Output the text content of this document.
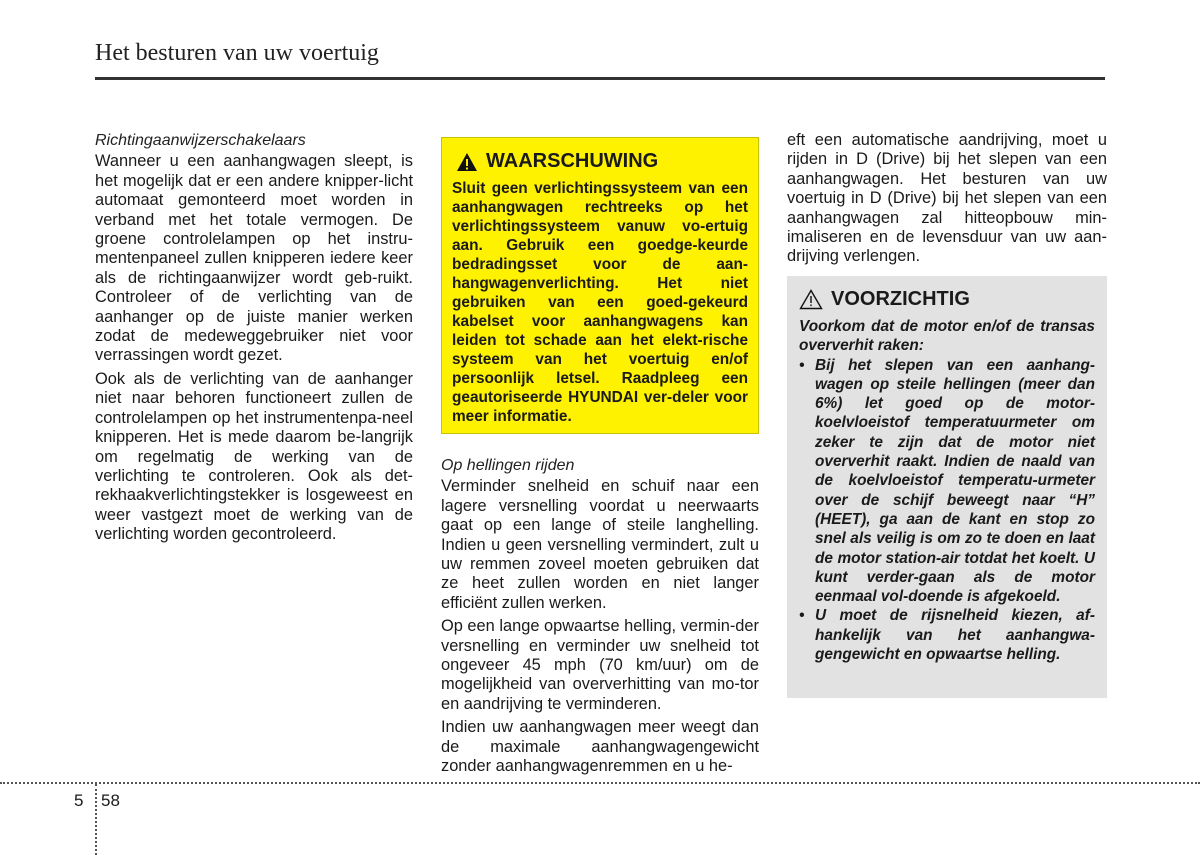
Het besturen van uw voertuig
Richtingaanwijzerschakelaars

Wanneer u een aanhangwagen sleept, is het mogelijk dat er een andere knipper-licht automaat gemonteerd moet worden in verband met het totale vermogen. De groene controlelampen op het instru-mentenpaneel zullen knipperen iedere keer als de richtingaanwijzer wordt geb-ruikt. Controleer of de verlichting van de aanhanger op de juiste manier werken zodat de medeweggebruiker niet voor verrassingen wordt gezet.

Ook als de verlichting van de aanhanger niet naar behoren functioneert zullen de controlelampen op het instrumentenpa-neel knipperen. Het is mede daarom be-langrijk om regelmatig de werking van de verlichting te controleren. Ook als det-rekhaakverlichtingstekker is losgeweest en weer vastgezt moet de werking van de verlichting worden gecontroleerd.

WAARSCHUWING

Sluit geen verlichtingssysteem van een aanhangwagen rechtreeks op het verlichtingssysteem vanuw vo-ertuig aan. Gebruik een goedge-keurde bedradingsset voor de aan-hangwagenverlichting. Het niet gebruiken van een goed-gekeurd kabelset voor aanhangwagens kan leiden tot schade aan het elekt-rische systeem van het voertuig en/of persoonlijk letsel. Raadpleeg een geautoriseerde HYUNDAI ver-deler voor meer informatie.

Op hellingen rijden

Verminder snelheid en schuif naar een lagere versnelling voordat u neerwaarts gaat op een lange of steile langhelling. Indien u geen versnelling vermindert, zult u uw remmen zoveel moeten gebruiken dat ze heet zullen worden en niet langer efficiënt zullen werken.

Op een lange opwaartse helling, vermin-der versnelling en verminder uw snelheid tot ongeveer 45 mph (70 km/uur) om de mogelijkheid van oververhitting van mo-tor en aandrijving te verminderen.

Indien uw aanhangwagen meer weegt dan de maximale aanhangwagengewicht zonder aanhangwagenremmen en u he-

eft een automatische aandrijving, moet u rijden in D (Drive) bij het slepen van een aanhangwagen. Het besturen van uw voertuig in D (Drive) bij het slepen van een aanhangwagen zal hitteopbouw min-imaliseren en de levensduur van uw aan-drijving verlengen.

VOORZICHTIG

Voorkom dat de motor en/of de transas oververhit raken:

• Bij het slepen van een aanhang-wagen op steile hellingen (meer dan 6%) let goed op de motor-koelvloeistof temperatuurmeter om zeker te zijn dat de motor niet oververhit raakt. Indien de naald van de koelvloeistof temperatu-urmeter over de schijf beweegt naar “H” (HEET), ga aan de kant en stop zo snel als veilig is om zo te doen en laat de motor station-air totdat het koelt. U kunt verder-gaan als de motor eenmaal vol-doende is afgekoeld.
• U moet de rijsnelheid kiezen, af-hankelijk van het aanhangwa-gengewicht en opwaartse helling.
5 58
